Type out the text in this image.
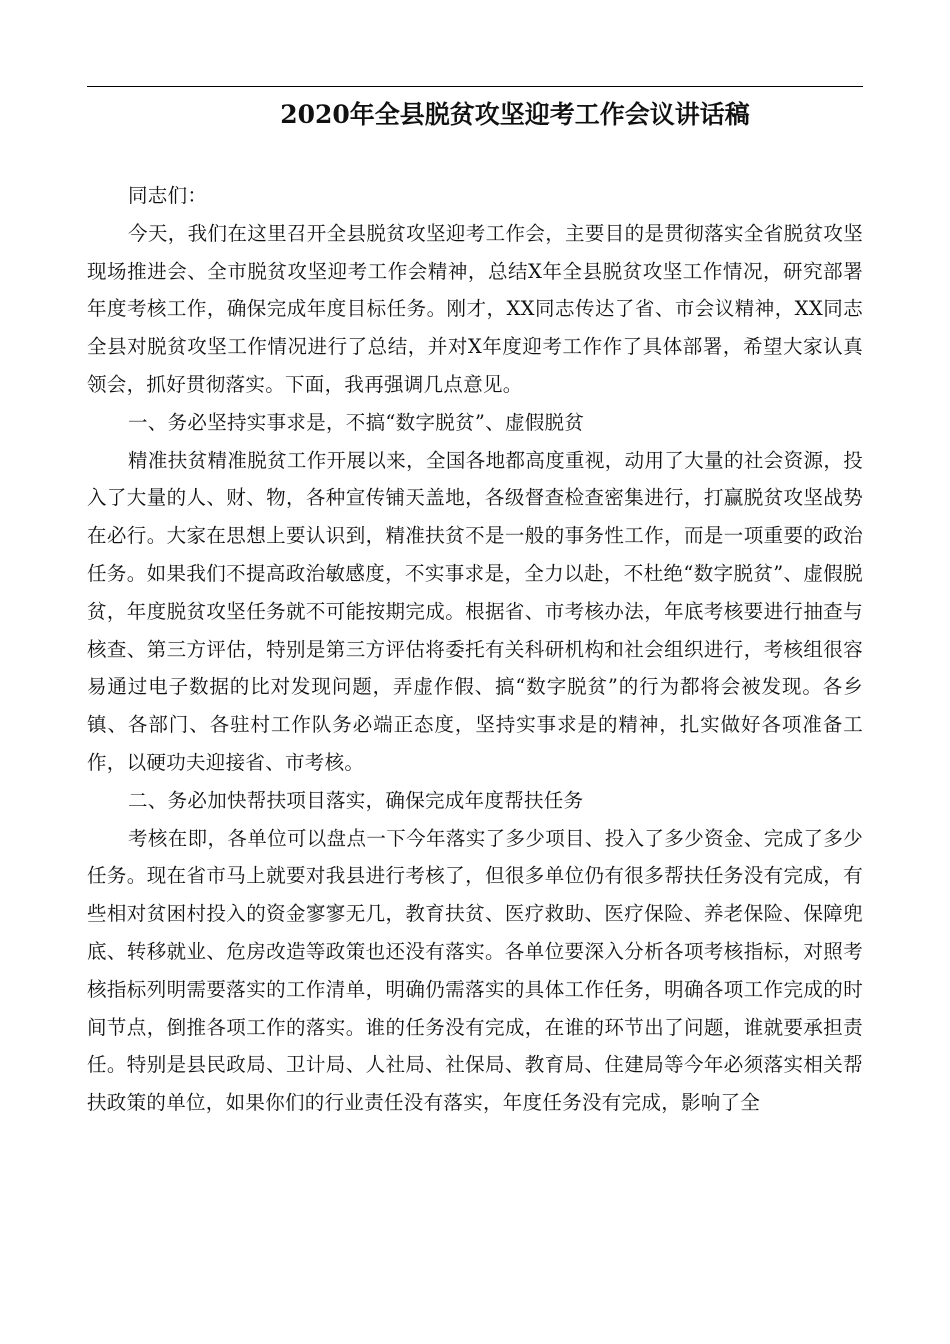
2020年全县脱贫攻坚迎考工作会议讲话稿

同志们：

今天，我们在这里召开全县脱贫攻坚迎考工作会，主要目的是贯彻落实全省脱贫攻坚现场推进会、全市脱贫攻坚迎考工作会精神，总结X年全县脱贫攻坚工作情况，研究部署年度考核工作，确保完成年度目标任务。刚才，XX同志传达了省、市会议精神，XX同志全县对脱贫攻坚工作情况进行了总结，并对X年度迎考工作作了具体部署，希望大家认真领会，抓好贯彻落实。下面，我再强调几点意见。

一、务必坚持实事求是，不搞“数字脱贫”、虚假脱贫

精准扶贫精准脱贫工作开展以来，全国各地都高度重视，动用了大量的社会资源，投入了大量的人、财、物，各种宣传铺天盖地，各级督查检查密集进行，打赢脱贫攻坚战势在必行。大家在思想上要认识到，精准扶贫不是一般的事务性工作，而是一项重要的政治任务。如果我们不提高政治敏感度，不实事求是，全力以赴，不杜绝“数字脱贫”、虚假脱贫，年度脱贫攻坚任务就不可能按期完成。根据省、市考核办法，年底考核要进行抽查与核查、第三方评估，特别是第三方评估将委托有关科研机构和社会组织进行，考核组很容易通过电子数据的比对发现问题，弄虚作假、搞“数字脱贫”的行为都将会被发现。各乡镇、各部门、各驻村工作队务必端正态度，坚持实事求是的精神，扎实做好各项准备工作，以硬功夫迎接省、市考核。

二、务必加快帮扶项目落实，确保完成年度帮扶任务

考核在即，各单位可以盘点一下今年落实了多少项目、投入了多少资金、完成了多少任务。现在省市马上就要对我县进行考核了，但很多单位仍有很多帮扶任务没有完成，有些相对贫困村投入的资金寥寥无几，教育扶贫、医疗救助、医疗保险、养老保险、保障兜底、转移就业、危房改造等政策也还没有落实。各单位要深入分析各项考核指标，对照考核指标列明需要落实的工作清单，明确仍需落实的具体工作任务，明确各项工作完成的时间节点，倒推各项工作的落实。谁的任务没有完成，在谁的环节出了问题，谁就要承担责任。特别是县民政局、卫计局、人社局、社保局、教育局、住建局等今年必须落实相关帮扶政策的单位，如果你们的行业责任没有落实，年度任务没有完成，影响了全
